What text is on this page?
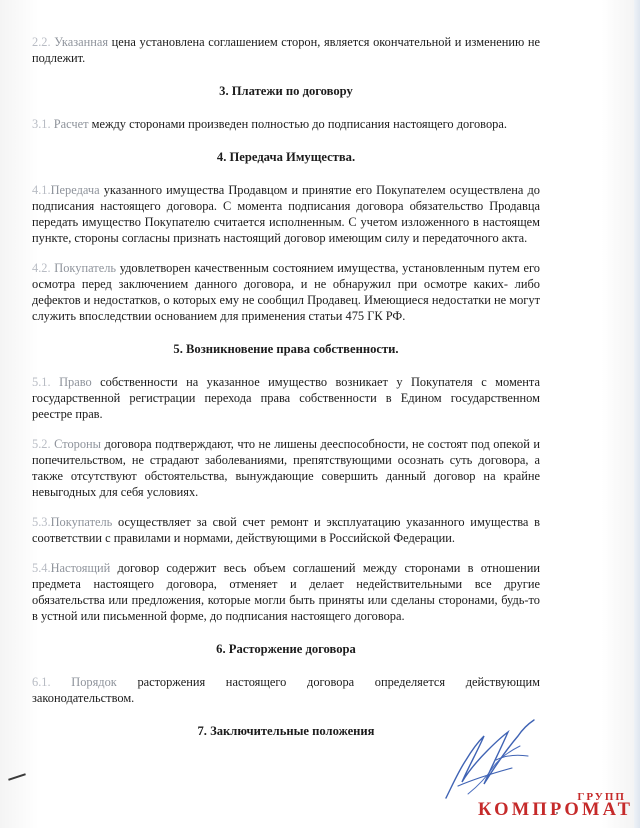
2.2. Указанная цена установлена соглашением сторон, является окончательной и изменению не подлежит.

3. Платежи по договору

3.1. Расчет между сторонами произведен полностью до подписания настоящего договора.

4. Передача Имущества.

4.1.Передача указанного имущества Продавцом и принятие его Покупателем осуществлена до подписания настоящего договора. С момента подписания договора обязательство Продавца передать имущество Покупателю считается исполненным. С учетом изложенного в настоящем пункте, стороны согласны признать настоящий договор имеющим силу и передаточного акта.

4.2. Покупатель удовлетворен качественным состоянием имущества, установленным путем его осмотра перед заключением данного договора, и не обнаружил при осмотре каких- либо дефектов и недостатков, о которых ему не сообщил Продавец. Имеющиеся недостатки не могут служить впоследствии основанием для применения статьи 475 ГК РФ.

5. Возникновение права собственности.

5.1. Право собственности на указанное имущество возникает у Покупателя с момента государственной регистрации перехода права собственности в Едином государственном реестре прав.

5.2. Стороны договора подтверждают, что не лишены дееспособности, не состоят под опекой и попечительством, не страдают заболеваниями, препятствующими осознать суть договора, а также отсутствуют обстоятельства, вынуждающие совершить данный договор на крайне невыгодных для себя условиях.

5.3.Покупатель осуществляет за свой счет ремонт и эксплуатацию указанного имущества в соответствии с правилами и нормами, действующими в Российской Федерации.

5.4.Настоящий договор содержит весь объем соглашений между сторонами в отношении предмета настоящего договора, отменяет и делает недействительными все другие обязательства или предложения, которые могли быть приняты или сделаны сторонами, будь-то в устной или письменной форме, до подписания настоящего договора.

6. Расторжение договора

6.1. Порядок расторжения настоящего договора определяется действующим законодательством.

7. Заключительные положения

ГРУПП
КОМПРОМАТ
